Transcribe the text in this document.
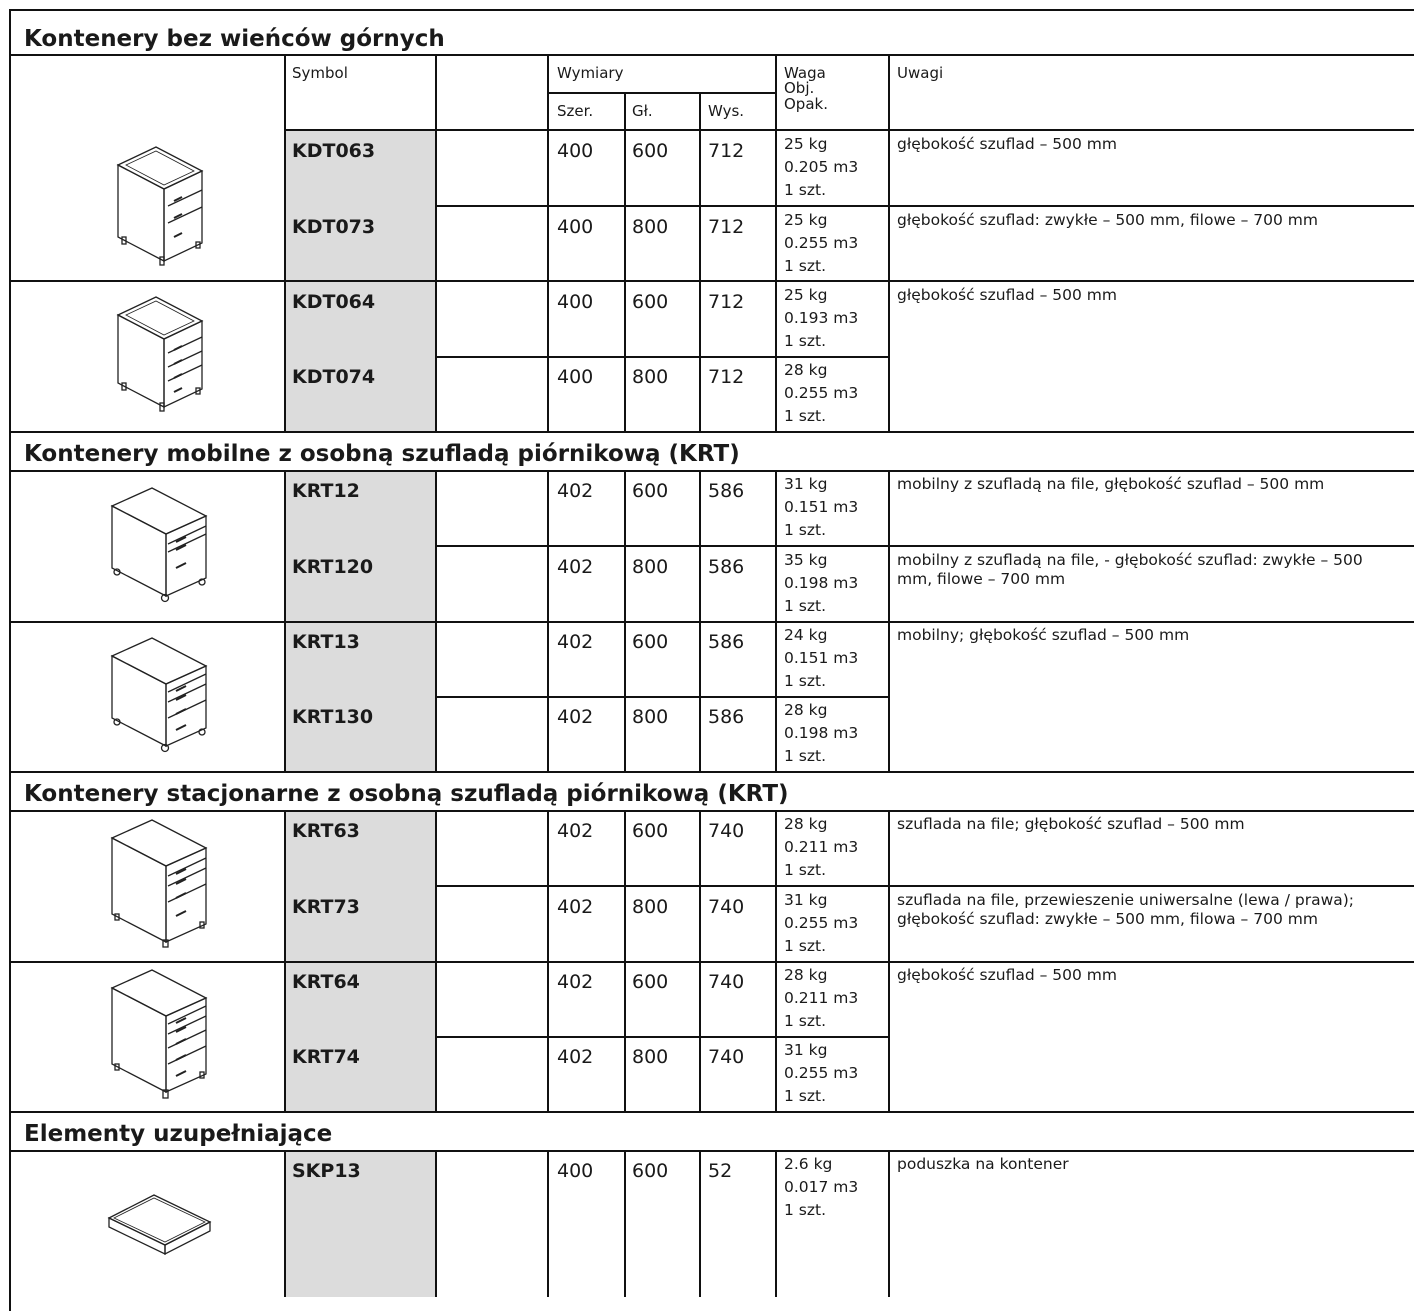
Kontenery bez wieńców górnych
Kontenery mobilne z osobną szufladą piórnikową (KRT)
Kontenery stacjonarne z osobną szufladą piórnikową (KRT)
Elementy uzupełniające
Symbol	Wymiary
Szer.	Gł.	Wys.
Waga
Obj.
Opak.
Uwagi
KDT063	400 600 712	25 kg
0.205 m3
1 szt.
głębokość szuflad – 500 mm
KDT073	400 800 712	25 kg
0.255 m3
1 szt.
głębokość szuflad: zwykłe – 500 mm, filowe – 700 mm
KDT064	400 600 712	25 kg
0.193 m3
1 szt.
głębokość szuflad – 500 mm
KDT074	400 800 712	28 kg
0.255 m3
1 szt.
KRT12	402 600 586	31 kg
0.151 m3
1 szt.
mobilny z szufladą na file, głębokość szuflad – 500 mm
KRT120	402 800 586	35 kg
0.198 m3
1 szt.
mobilny z szufladą na file, - głębokość szuflad: zwykłe – 500 mm, filowe – 700 mm
KRT13	402 600 586	24 kg
0.151 m3
1 szt.
mobilny; głębokość szuflad – 500 mm
KRT130	402 800 586	28 kg
0.198 m3
1 szt.
KRT63	402 600 740	28 kg
0.211 m3
1 szt.
szuflada na file; głębokość szuflad – 500 mm
KRT73	402 800 740	31 kg
0.255 m3
1 szt.
szuflada na file, przewieszenie uniwersalne (lewa / prawa); głębokość szuflad: zwykłe – 500 mm, filowa – 700 mm
KRT64	402 600 740	28 kg
0.211 m3
1 szt.
głębokość szuflad – 500 mm
KRT74	402 800 740	31 kg
0.255 m3
1 szt.
SKP13	400 600 52	2.6 kg
0.017 m3
1 szt.
poduszka na kontener
